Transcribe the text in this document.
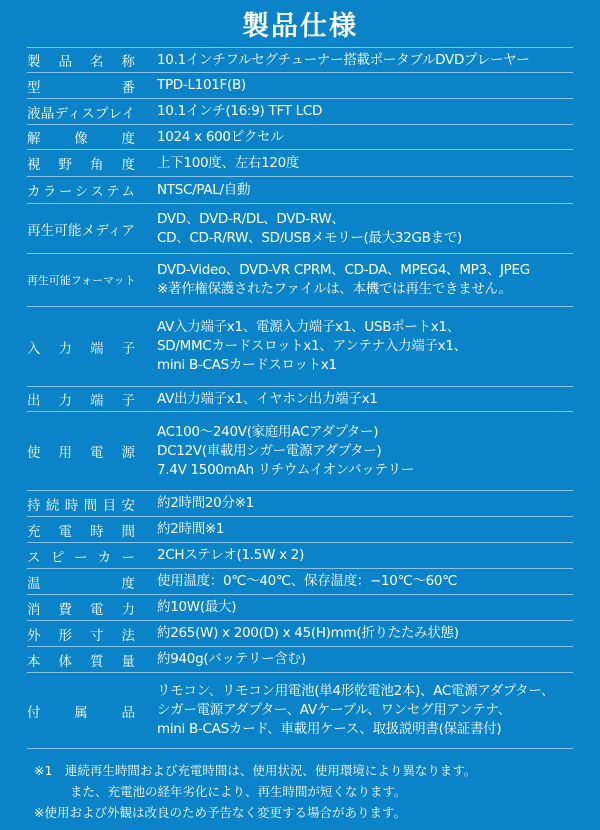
製品仕様
製品名称 10.1インチフルセグチューナー搭載ポータブルDVDプレーヤー
型番 TPD-L101F(B)
液晶ディスプレイ 10.1インチ(16:9) TFT LCD
解像度 1024 x 600ピクセル
視野角度 上下100度、左右120度
カラーシステム NTSC/PAL/自動
再生可能メディア
DVD、DVD-R/DL、DVD-RW、
CD、CD-R/RW、SD/USBメモリー(最大32GBまで)
再生可能フォーマット
DVD-Video、DVD-VR CPRM、CD-DA、MPEG4、MP3、JPEG
※著作権保護されたファイルは、本機では再生できません。
入力端子
AV入力端子x1、電源入力端子x1、USBポートx1、
SD/MMCカードスロットx1、アンテナ入力端子x1、
mini B-CASカードスロットx1
出力端子 AV出力端子x1、イヤホン出力端子x1
使用電源
AC100～240V(家庭用ACアダプター)
DC12V(車載用シガー電源アダプター)
7.4V 1500mAh リチウムイオンバッテリー
持続時間目安 約2時間20分※1
充電時間 約2時間※1
スピーカー 2CHステレオ(1.5W x 2)
温度 使用温度：0℃～40℃、保存温度：−10℃～60℃
消費電力 約10W(最大)
外形寸法 約265(W) x 200(D) x 45(H)mm(折りたたみ状態)
本体質量 約940g(バッテリー含む)
付属品
リモコン、リモコン用電池(単4形乾電池2本)、AC電源アダプター、
シガー電源アダプター、AVケーブル、ワンセグ用アンテナ、
mini B-CASカード、車載用ケース、取扱説明書(保証書付)
※1　連続再生時間および充電時間は、使用状況、使用環境により異なります。
また、充電池の経年劣化により、再生時間が短くなります。
※使用および外観は改良のため予告なく変更する場合があります。
